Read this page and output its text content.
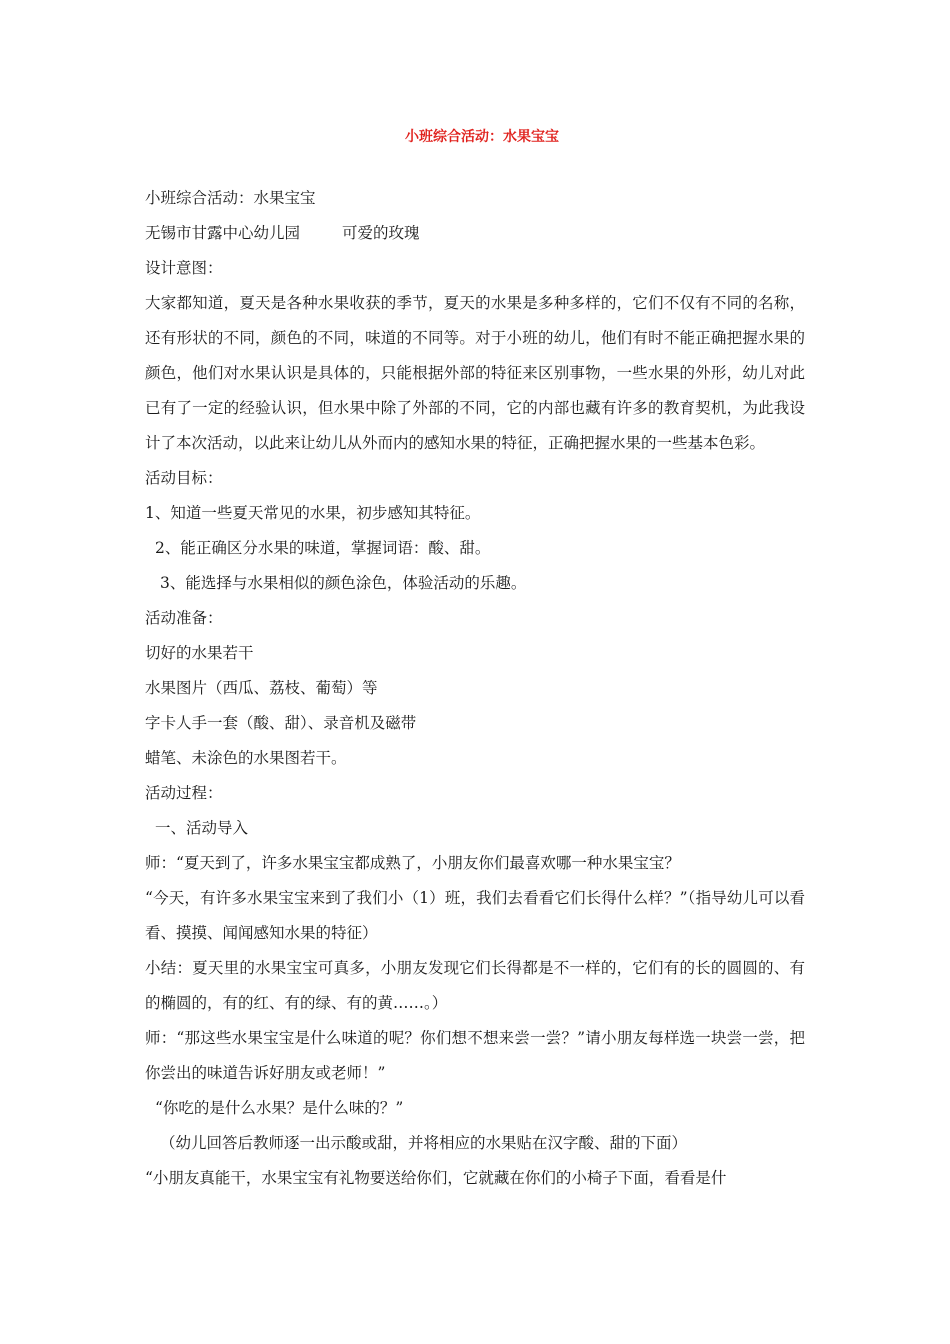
小班综合活动：水果宝宝

小班综合活动：水果宝宝

无锡市甘露中心幼儿园	可爱的玫瑰

设计意图：

大家都知道，夏天是各种水果收获的季节，夏天的水果是多种多样的，它们不仅有不同的名称，还有形状的不同，颜色的不同，味道的不同等。对于小班的幼儿，他们有时不能正确把握水果的颜色，他们对水果认识是具体的，只能根据外部的特征来区别事物，一些水果的外形，幼儿对此已有了一定的经验认识，但水果中除了外部的不同，它的内部也藏有许多的教育契机，为此我设计了本次活动，以此来让幼儿从外而内的感知水果的特征，正确把握水果的一些基本色彩。

活动目标：

1、知道一些夏天常见的水果，初步感知其特征。

2、能正确区分水果的味道，掌握词语：酸、甜。

3、能选择与水果相似的颜色涂色，体验活动的乐趣。

活动准备：

切好的水果若干

水果图片（西瓜、荔枝、葡萄）等

字卡人手一套（酸、甜）、录音机及磁带

蜡笔、未涂色的水果图若干。

活动过程：

一、活动导入

师：“夏天到了，许多水果宝宝都成熟了，小朋友你们最喜欢哪一种水果宝宝？

“今天，有许多水果宝宝来到了我们小（1）班，我们去看看它们长得什么样？”（指导幼儿可以看看、摸摸、闻闻感知水果的特征）

小结：夏天里的水果宝宝可真多，小朋友发现它们长得都是不一样的，它们有的长的圆圆的、有的椭圆的，有的红、有的绿、有的黄……。）

师：“那这些水果宝宝是什么味道的呢？你们想不想来尝一尝？”请小朋友每样选一块尝一尝，把你尝出的味道告诉好朋友或老师！”

“你吃的是什么水果？是什么味的？”

（幼儿回答后教师逐一出示酸或甜，并将相应的水果贴在汉字酸、甜的下面）

“小朋友真能干，水果宝宝有礼物要送给你们，它就藏在你们的小椅子下面，看看是什
